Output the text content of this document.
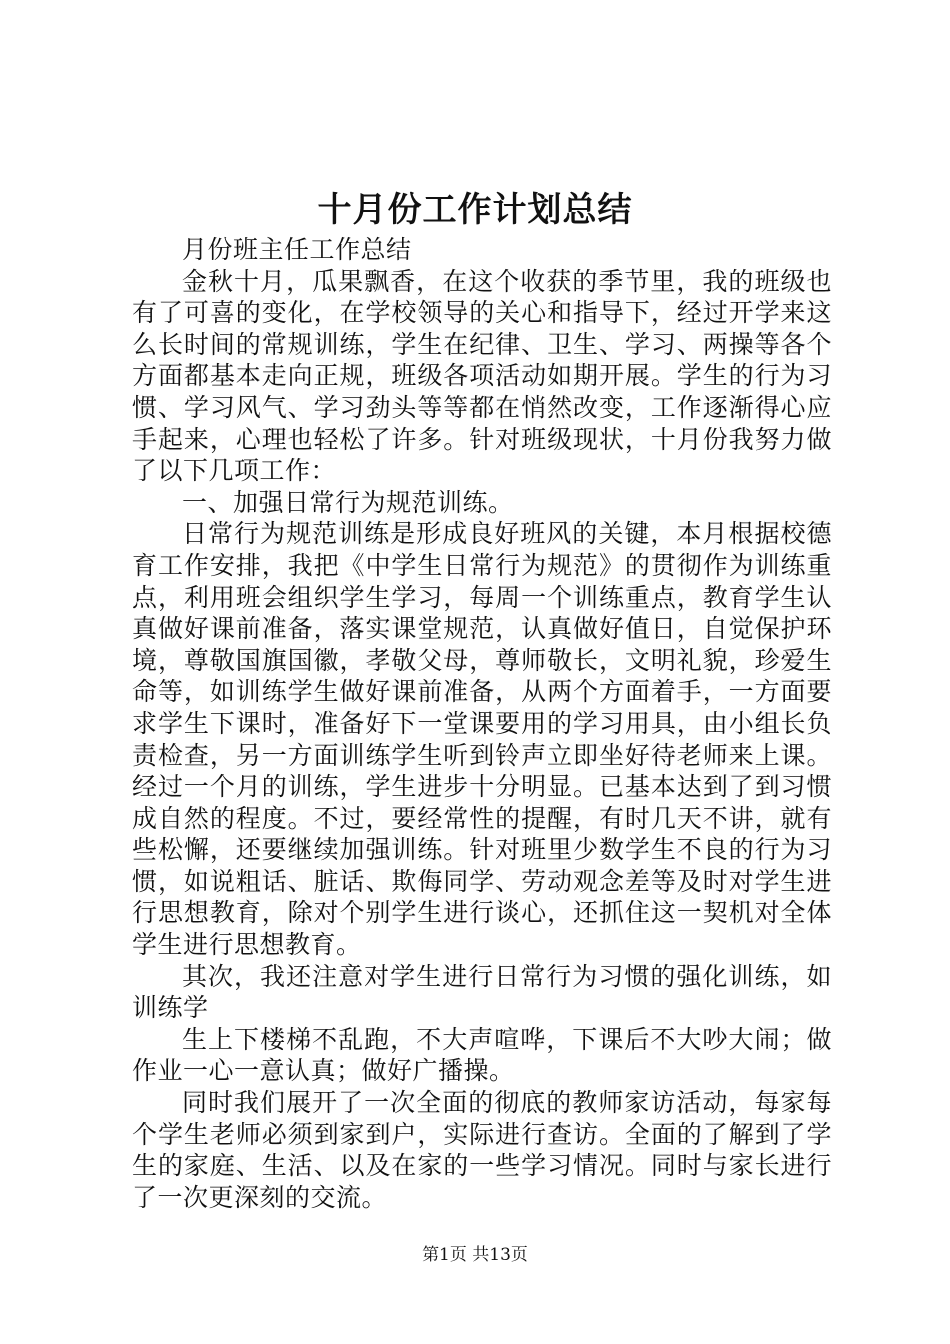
十月份工作计划总结

月份班主任工作总结

金秋十月，瓜果飘香，在这个收获的季节里，我的班级也有了可喜的变化，在学校领导的关心和指导下，经过开学来这么长时间的常规训练，学生在纪律、卫生、学习、两操等各个方面都基本走向正规，班级各项活动如期开展。学生的行为习惯、学习风气、学习劲头等等都在悄然改变，工作逐渐得心应手起来，心理也轻松了许多。针对班级现状，十月份我努力做了以下几项工作：

一、加强日常行为规范训练。

日常行为规范训练是形成良好班风的关键，本月根据校德育工作安排，我把《中学生日常行为规范》的贯彻作为训练重点，利用班会组织学生学习，每周一个训练重点，教育学生认真做好课前准备，落实课堂规范，认真做好值日，自觉保护环境，尊敬国旗国徽，孝敬父母，尊师敬长，文明礼貌，珍爱生命等，如训练学生做好课前准备，从两个方面着手，一方面要求学生下课时，准备好下一堂课要用的学习用具，由小组长负责检查，另一方面训练学生听到铃声立即坐好待老师来上课。经过一个月的训练，学生进步十分明显。已基本达到了到习惯成自然的程度。不过，要经常性的提醒，有时几天不讲，就有些松懈，还要继续加强训练。针对班里少数学生不良的行为习惯，如说粗话、脏话、欺侮同学、劳动观念差等及时对学生进行思想教育，除对个别学生进行谈心，还抓住这一契机对全体学生进行思想教育。

其次，我还注意对学生进行日常行为习惯的强化训练，如训练学

生上下楼梯不乱跑，不大声喧哗，下课后不大吵大闹；做作业一心一意认真；做好广播操。

同时我们展开了一次全面的彻底的教师家访活动，每家每个学生老师必须到家到户，实际进行查访。全面的了解到了学生的家庭、生活、以及在家的一些学习情况。同时与家长进行了一次更深刻的交流。

第1页 共13页
